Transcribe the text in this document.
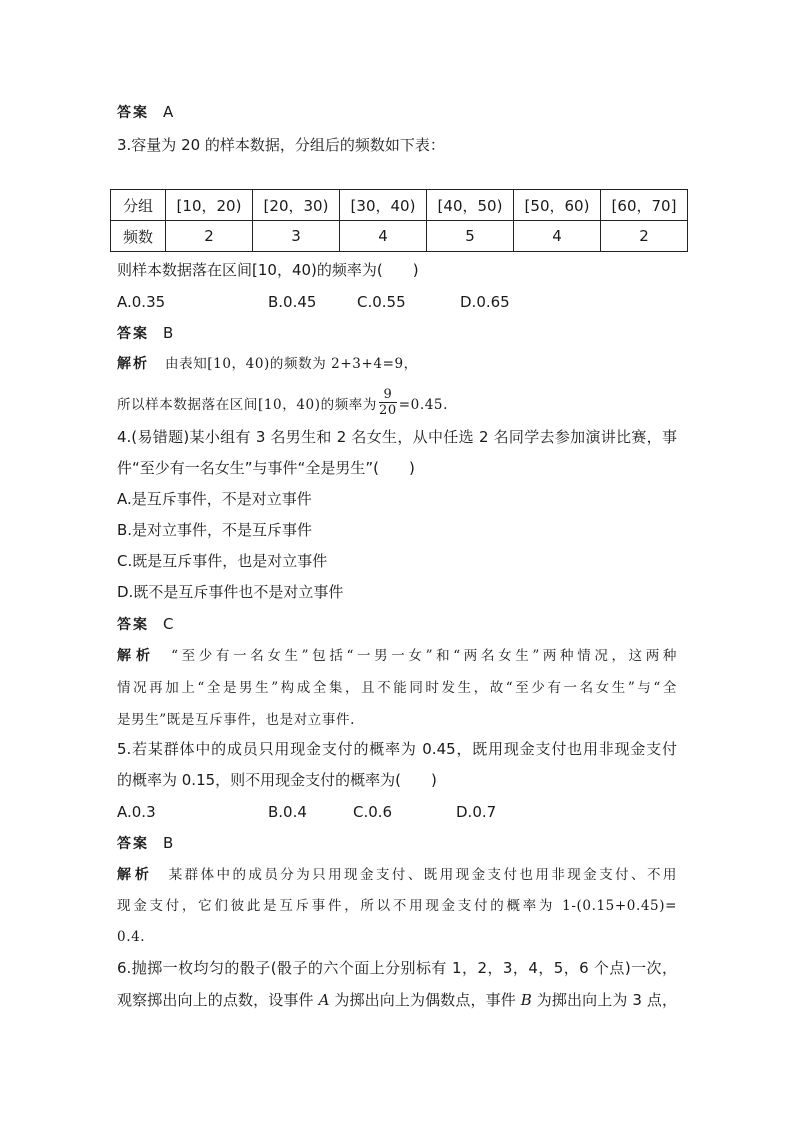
答案 A
3.容量为 20 的样本数据，分组后的频数如下表：
分组	[10，20)	[20，30)	[30，40)	[40，50)	[50，60)	[60，70]
频数	2	3	4	5	4	2
则样本数据落在区间[10，40)的频率为(　　)
A.0.35	B.0.45	C.0.55	D.0.65
答案 B
解析 由表知[10，40)的频数为 2+3+4=9，
所以样本数据落在区间[10，40)的频率为 $\frac{9}{20} =0.45$.
4.(易错题)某小组有 3 名男生和 2 名女生，从中任选 2 名同学去参加演讲比赛，事
件“至少有一名女生”与事件“全是男生”(　　)
A.是互斥事件，不是对立事件
B.是对立事件，不是互斥事件
C.既是互斥事件，也是对立事件
D.既不是互斥事件也不是对立事件
答案 C
解析 “至少有一名女生”包括“一男一女”和“两名女生”两种情况，这两种
情况再加上“全是男生”构成全集，且不能同时发生，故“至少有一名女生”与“全
是男生”既是互斥事件，也是对立事件.
5.若某群体中的成员只用现金支付的概率为 0.45，既用现金支付也用非现金支付
的概率为 0.15，则不用现金支付的概率为(　　)
A.0.3	B.0.4	C.0.6	D.0.7
答案 B
解析 某群体中的成员分为只用现金支付、既用现金支付也用非现金支付、不用
现金支付，它们彼此是互斥事件，所以不用现金支付的概率为 1-(0.15+0.45)=
0.4.
6.抛掷一枚均匀的骰子(骰子的六个面上分别标有 1，2，3，4，5，6 个点)一次，
观察掷出向上的点数，设事件 A 为掷出向上为偶数点，事件 B 为掷出向上为 3 点，
